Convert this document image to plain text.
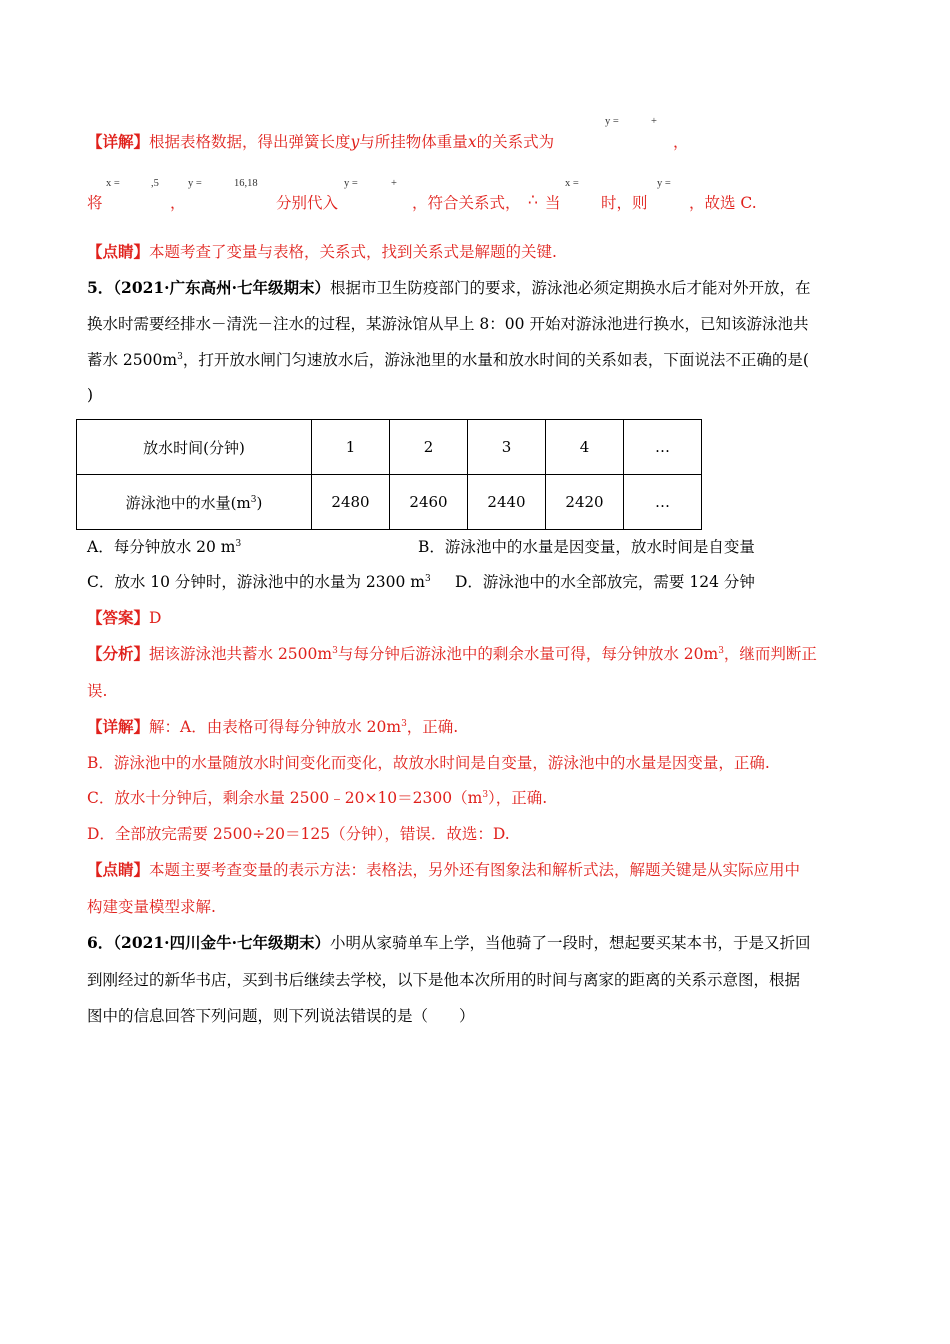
【详解】根据表格数据，得出弹簧长度y与所挂物体重量x的关系式为
y =	+
，
将
x =	,5
，
y =	16,18
分别代入
y =	+
，符合关系式， ∴ 当
x =
时，则
y =
，故选 C.
【点睛】本题考查了变量与表格，关系式，找到关系式是解题的关键.
5．（2021·广东高州·七年级期末）根据市卫生防疫部门的要求，游泳池必须定期换水后才能对外开放，在
换水时需要经排水－清洗－注水的过程，某游泳馆从早上 8：00 开始对游泳池进行换水，已知该游泳池共
蓄水 $2500m^3$，打开放水闸门匀速放水后，游泳池里的水量和放水时间的关系如表，下面说法不正确的是(
)
放水时间(分钟)	1	2	3	4	…
游泳池中的水量$(m^3)$	2480	2460	2440	2420	…
A．每分钟放水 20 $m^3$	B．游泳池中的水量是因变量，放水时间是自变量
C．放水 10 分钟时，游泳池中的水量为 2300 $m^3$ D．游泳池中的水全部放完，需要 124 分钟
【答案】D
【分析】据该游泳池共蓄水 $2500m^3$与每分钟后游泳池中的剩余水量可得，每分钟放水 $20m^3$，继而判断正
误.
【详解】解：A．由表格可得每分钟放水 $20m^3$，正确.
B．游泳池中的水量随放水时间变化而变化，故放水时间是自变量，游泳池中的水量是因变量，正确.
C．放水十分钟后，剩余水量 $2500﹣20\times 10=2300(m^3)$，正确.
D．全部放完需要 2500÷20＝125（分钟），错误．故选：D.
【点睛】本题主要考查变量的表示方法：表格法，另外还有图象法和解析式法，解题关键是从实际应用中
构建变量模型求解.
6．（2021·四川金牛·七年级期末）小明从家骑单车上学，当他骑了一段时，想起要买某本书，于是又折回
到刚经过的新华书店，买到书后继续去学校，以下是他本次所用的时间与离家的距离的关系示意图，根据
图中的信息回答下列问题，则下列说法错误的是（　　）
